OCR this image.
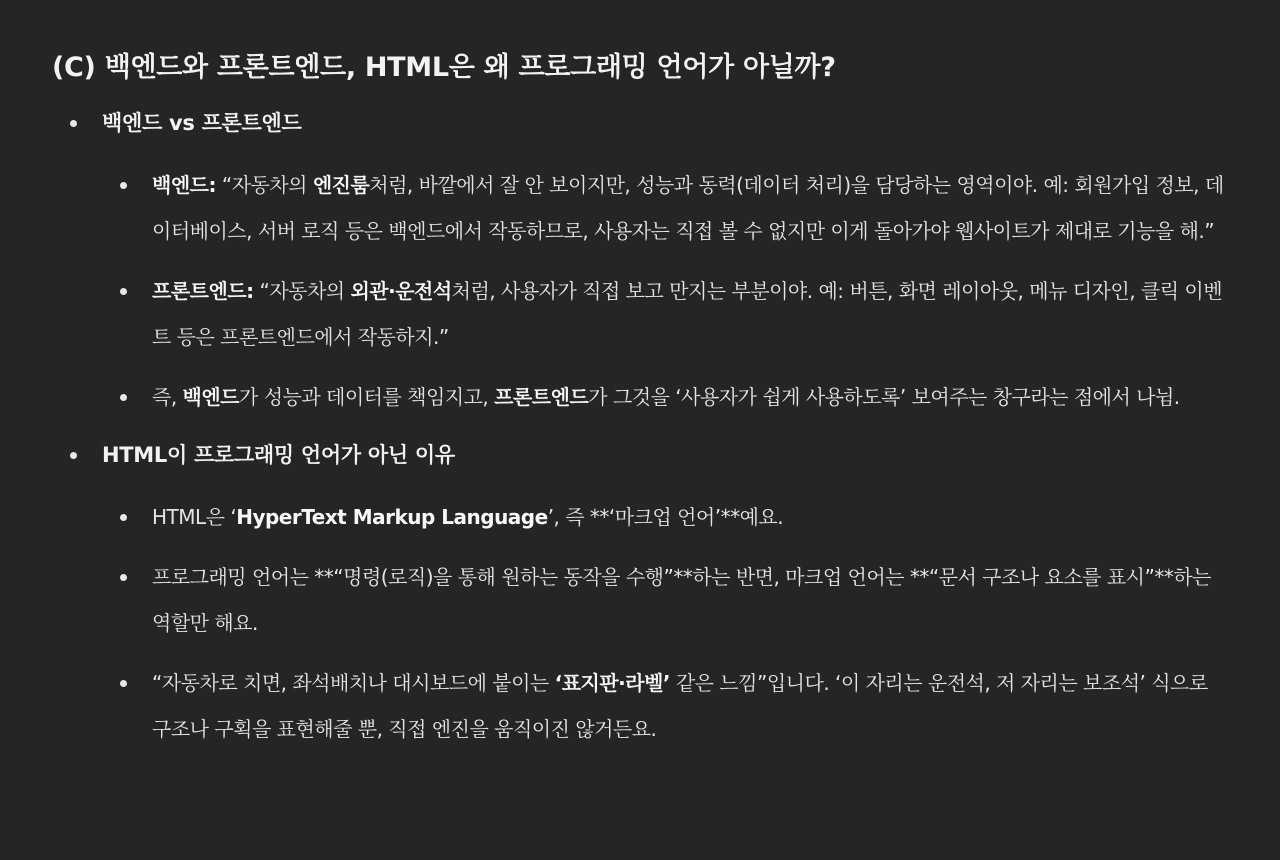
(C) 백엔드와 프론트엔드, HTML은 왜 프로그래밍 언어가 아닐까?
백엔드 vs 프론트엔드
백엔드: “자동차의 엔진룸처럼, 바깥에서 잘 안 보이지만, 성능과 동력(데이터 처리)을 담당하는 영역이야. 예: 회원가입 정보, 데이터베이스, 서버 로직 등은 백엔드에서 작동하므로, 사용자는 직접 볼 수 없지만 이게 돌아가야 웹사이트가 제대로 기능을 해.”
프론트엔드: “자동차의 외관·운전석처럼, 사용자가 직접 보고 만지는 부분이야. 예: 버튼, 화면 레이아웃, 메뉴 디자인, 클릭 이벤트 등은 프론트엔드에서 작동하지.”
즉, 백엔드가 성능과 데이터를 책임지고, 프론트엔드가 그것을 ‘사용자가 쉽게 사용하도록’ 보여주는 창구라는 점에서 나뉨.
HTML이 프로그래밍 언어가 아닌 이유
HTML은 ‘HyperText Markup Language’, 즉 **‘마크업 언어’**예요.
프로그래밍 언어는 **“명령(로직)을 통해 원하는 동작을 수행”**하는 반면, 마크업 언어는 **“문서 구조나 요소를 표시”**하는 역할만 해요.
“자동차로 치면, 좌석배치나 대시보드에 붙이는 ‘표지판·라벨’ 같은 느낌”입니다. ‘이 자리는 운전석, 저 자리는 보조석’ 식으로 구조나 구획을 표현해줄 뿐, 직접 엔진을 움직이진 않거든요.
